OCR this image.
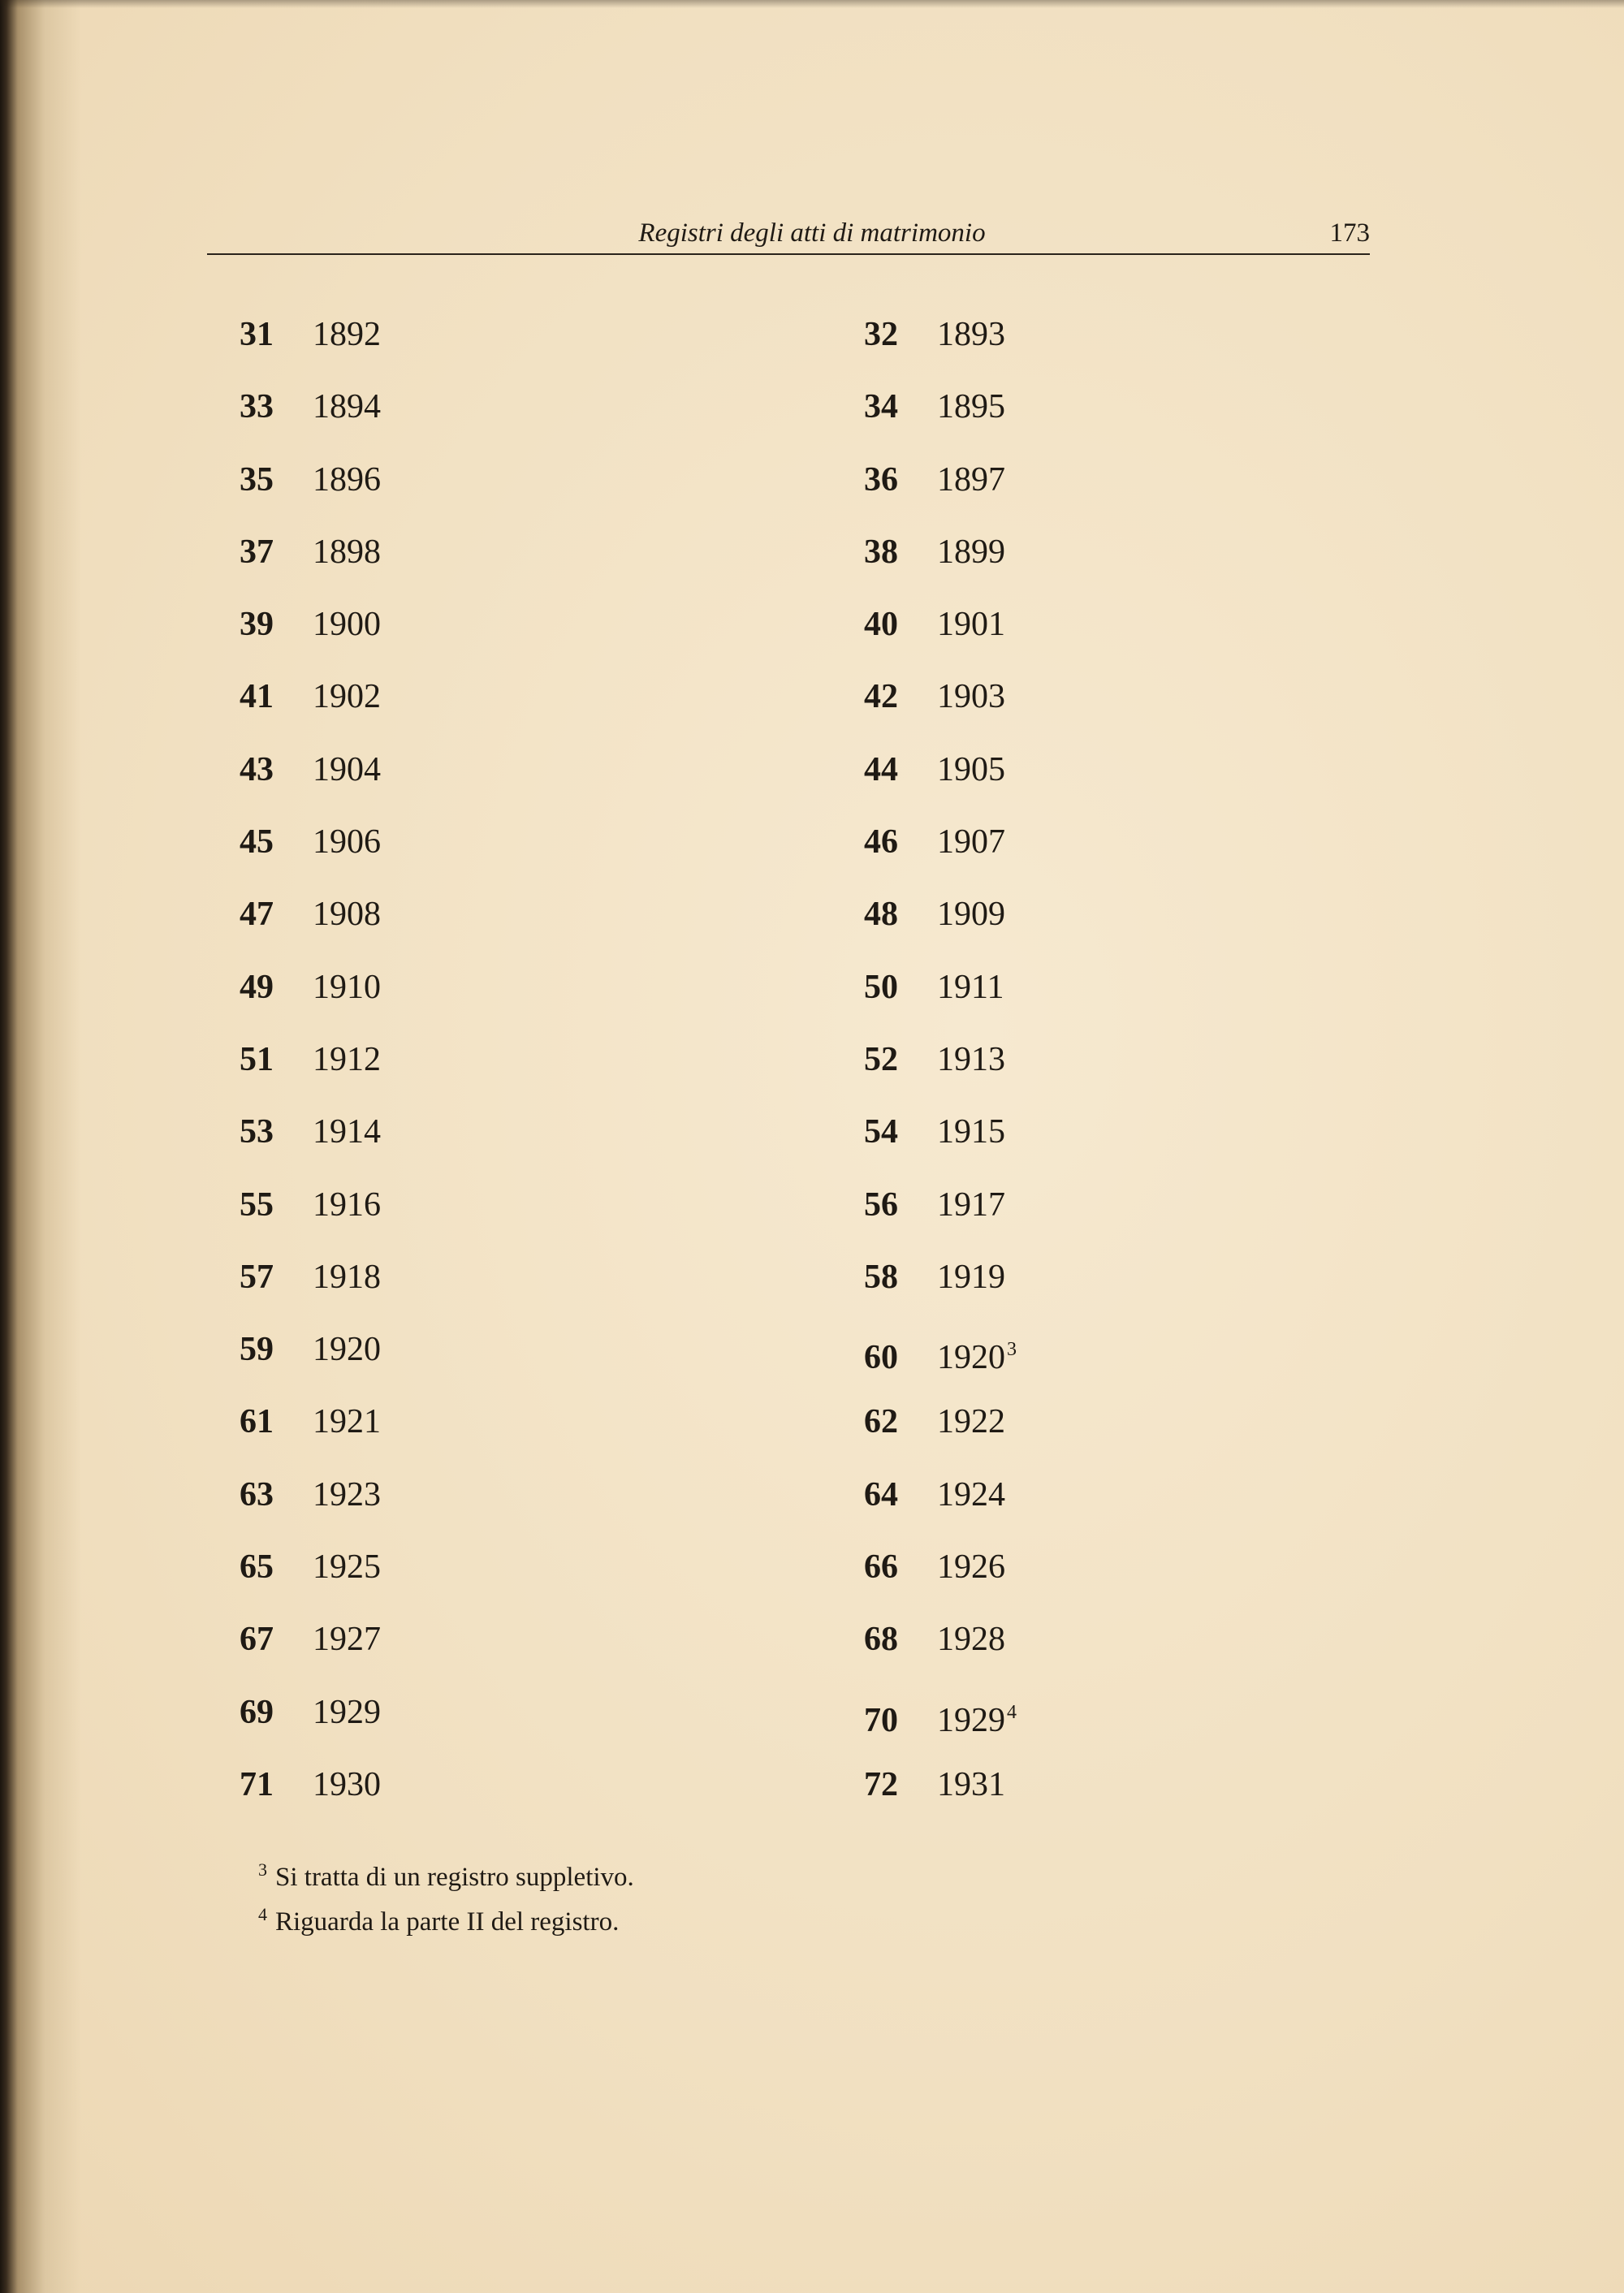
Registri degli atti di matrimonio	173
31 1892
33 1894
35 1896
37 1898
39 1900
41 1902
43 1904
45 1906
47 1908
49 1910
51 1912
53 1914
55 1916
57 1918
59 1920
61 1921
63 1923
65 1925
67 1927
69 1929
71 1930
32 1893
34 1895
36 1897
38 1899
40 1901
42 1903
44 1905
46 1907
48 1909
50 1911
52 1913
54 1915
56 1917
58 1919
60 1920$^3$
62 1922
64 1924
66 1926
68 1928
70 1929$^4$
72 1931
$^3$ Si tratta di un registro suppletivo.
$^4$ Riguarda la parte II del registro.
